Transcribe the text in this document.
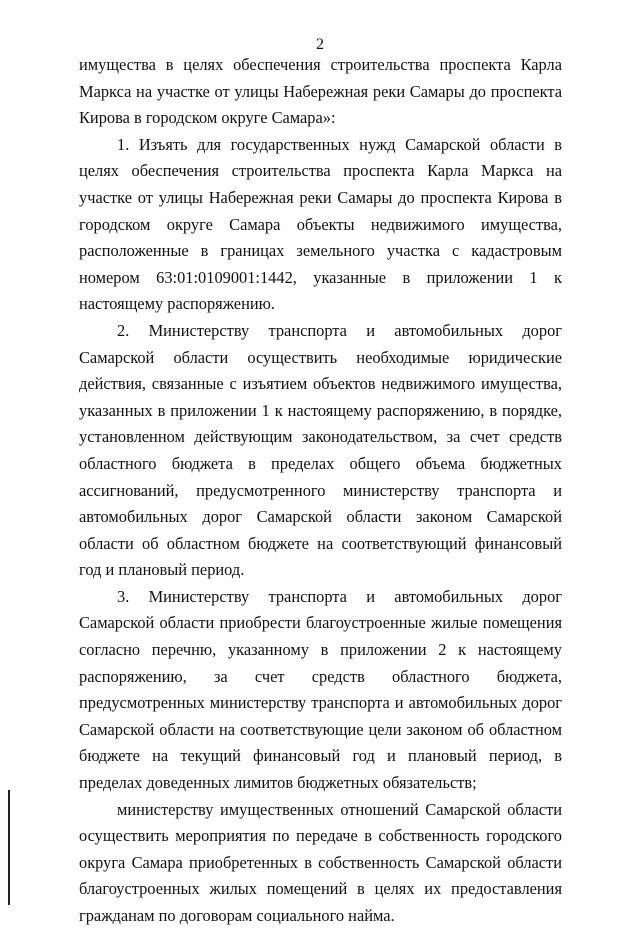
2

имущества в целях обеспечения строительства проспекта Карла Маркса на участке от улицы Набережная реки Самары до проспекта Кирова в городском округе Самара»:

1. Изъять для государственных нужд Самарской области в целях обеспечения строительства проспекта Карла Маркса на участке от улицы Набережная реки Самары до проспекта Кирова в городском округе Самара объекты недвижимого имущества, расположенные в границах земельного участка с кадастровым номером 63:01:0109001:1442, указанные в приложении 1 к настоящему распоряжению.

2. Министерству транспорта и автомобильных дорог Самарской области осуществить необходимые юридические действия, связанные с изъятием объектов недвижимого имущества, указанных в приложении 1 к настоящему распоряжению, в порядке, установленном действующим законодательством, за счет средств областного бюджета в пределах общего объема бюджетных ассигнований, предусмотренного министерству транспорта и автомобильных дорог Самарской области законом Самарской области об областном бюджете на соответствующий финансовый год и плановый период.

3. Министерству транспорта и автомобильных дорог Самарской области приобрести благоустроенные жилые помещения согласно перечню, указанному в приложении 2 к настоящему распоряжению, за счет средств областного бюджета, предусмотренных министерству транспорта и автомобильных дорог Самарской области на соответствующие цели законом об областном бюджете на текущий финансовый год и плановый период, в пределах доведенных лимитов бюджетных обязательств;

министерству имущественных отношений Самарской области осуществить мероприятия по передаче в собственность городского округа Самара приобретенных в собственность Самарской области благоустроенных жилых помещений в целях их предоставления гражданам по договорам социального найма.
